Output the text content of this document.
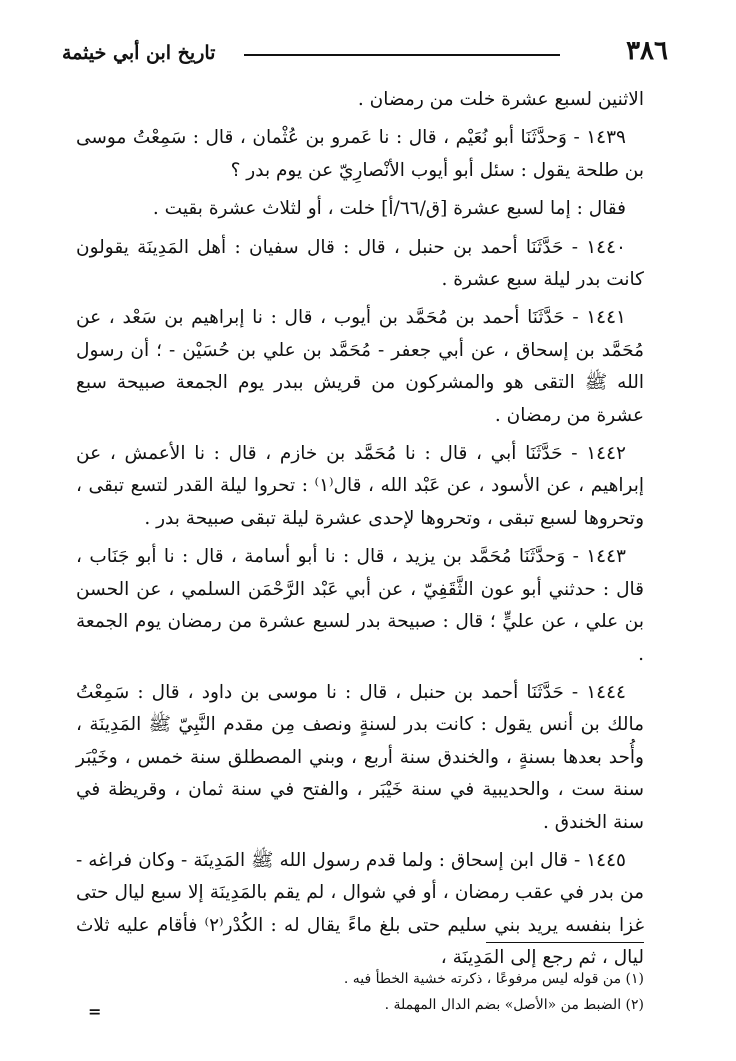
٣٨٦
تاريخ ابن أبي خيثمة

الاثنين لسبع عشرة خلت من رمضان .

١٤٣٩ - وَحدَّثَنَا أبو نُعَيْم ، قال : نا عَمرو بن عُثْمان ، قال : سَمِعْتُ موسى بن طلحة يقول : سئل أبو أيوب الأنْصارِيّ عن يوم بدر ؟

فقال : إما لسبع عشرة [ق/٦٦/أ] خلت ، أو لثلاث عشرة بقيت .

١٤٤٠ - حَدَّثَنَا أحمد بن حنبل ، قال : قال سفيان : أهل المَدِينَة يقولون كانت بدر ليلة سبع عشرة .

١٤٤١ - حَدَّثَنَا أحمد بن مُحَمَّد بن أيوب ، قال : نا إبراهيم بن سَعْد ، عن مُحَمَّد بن إسحاق ، عن أبي جعفر - مُحَمَّد بن علي بن حُسَيْن - ؛ أن رسول الله ﷺ التقى هو والمشركون من قريش ببدر يوم الجمعة صبيحة سبع عشرة من رمضان .

١٤٤٢ - حَدَّثَنَا أبي ، قال : نا مُحَمَّد بن خازم ، قال : نا الأعمش ، عن إبراهيم ، عن الأسود ، عن عَبْد الله ، قال⁽١⁾ : تحروا ليلة القدر لتسع تبقى ، وتحروها لسبع تبقى ، وتحروها لإحدى عشرة ليلة تبقى صبيحة بدر .

١٤٤٣ - وَحدَّثَنَا مُحَمَّد بن يزيد ، قال : نا أبو أسامة ، قال : نا أبو جَنَاب ، قال : حدثني أبو عون الثَّقَفِيّ ، عن أبي عَبْد الرَّحْمَن السلمي ، عن الحسن بن علي ، عن عليٍّ ؛ قال : صبيحة بدر لسبع عشرة من رمضان يوم الجمعة .

١٤٤٤ - حَدَّثَنَا أحمد بن حنبل ، قال : نا موسى بن داود ، قال : سَمِعْتُ مالك بن أنس يقول : كانت بدر لسنةٍ ونصف مِن مقدم النَّبِيّ ﷺ المَدِينَة ، وأُحد بعدها بسنةٍ ، والخندق سنة أربع ، وبني المصطلق سنة خمس ، وخَيْبَر سنة ست ، والحديبية في سنة خَيْبَر ، والفتح في سنة ثمان ، وقريظة في سنة الخندق .

١٤٤٥ - قال ابن إسحاق : ولما قدم رسول الله ﷺ المَدِينَة - وكان فراغه - من بدر في عقب رمضان ، أو في شوال ، لم يقم بالمَدِينَة إلا سبع ليال حتى غزا بنفسه يريد بني سليم حتى بلغ ماءً يقال له : الكُدْر⁽٢⁾ فأقام عليه ثلاث ليال ، ثم رجع إلى المَدِينَة ،

(١) من قوله ليس مرفوعًا ، ذكرته خشية الخطأ فيه .

(٢) الضبط من «الأصل» بضم الدال المهملة .

=
